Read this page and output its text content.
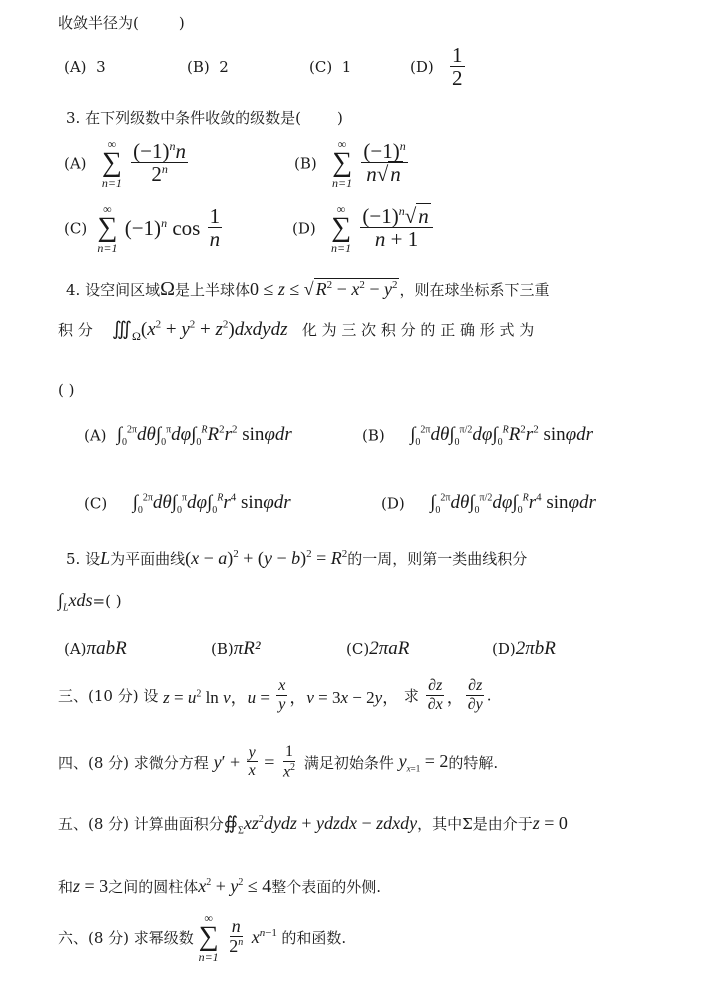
收敛半径为(	)
(A) 3	(B) 2	(C) 1	$(D) \frac{1}{2}$
3. 在下列级数中条件收敛的级数是( )
(A)
∞
∑
n=1
$\frac{(-1)^nn}{2^n}$	(B)
∞
∑
n=1
$\frac{(-1)^n}{n√n}$
(C)
∞
∑
n=1
$(-1)^n$ $\cos \frac{1}{n}$	(D)
∞
∑
n=1
$\frac{(-1)^n√n}{n + 1}$
4. 设空间区域Ω是上半球体0 ≤ z ≤ √ $R^2 - x^2 - y^2$ ，则在球坐标系下三重
积 分 $∭_\Omega(x^2 + y^2$ + $z^2)dxdydz$ 化 为 三 次 积 分 的 正 确 形 式 为
( )
(A) $\int_0^{2\pi}d\theta\int_0^\pi d\varphi\int_0^RR^2r^2$ sinφdr	(B) $\int_0^{2\pi}d\theta\int_0^{\pi/2}d\varphi\int_0^RR^2r^2$ sinφdr
(C) $\int_0^{2\pi}d\theta\int_0^\pi d\varphi\int_0^Rr^4$ sinφdr	(D) $\int_0^{2\pi}d\theta\int_0^{\pi/2}d\varphi\int_0^Rr^4$ sinφdr
5. 设L为平面曲线$(x - a)^2 + (y - b)^2 = R^2$的一周，则第一类曲线积分
$\int_Lxds=$( )
(A)πabR	(B)πR²	(C)2πaR	(D)2πbR
三、(10 分) 设 $z = u^2$ ln v，$u = \frac{x}{y}$ ，v = 3x − 2y， 求 $\frac{\partial z}{\partial x}$ ， $\frac{\partial z}{\partial y}$ .
四、(8 分) 求微分方程 $y' + \frac{y}{x} = \frac{1}{x^2}$ 满足初始条件 $y_{x=1} = 2$的特解.
五、(8 分) 计算曲面积分$∯_\Sigma xz^2dydz$ + ydzdx − zdxdy，其中Σ是由介于z = 0
和z = 3之间的圆柱体$x^2 + y^2 \le 4$整个表面的外侧.
六、(8 分) 求幂级数
∞
∑
n=1
$\frac{n}{2^n} x^{n-1}$ 的和函数.
